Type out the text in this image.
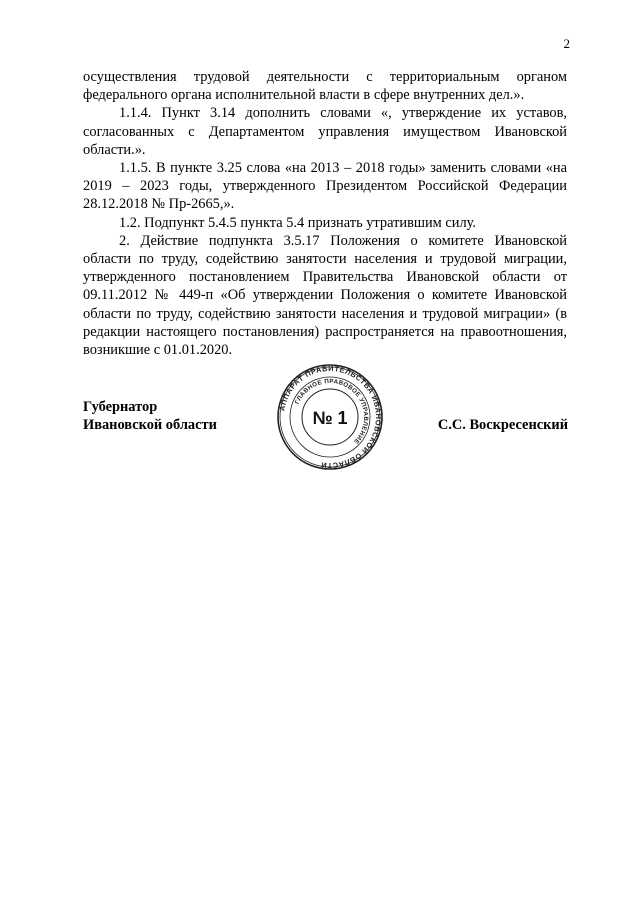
2

осуществления трудовой деятельности с территориальным органом федерального органа исполнительной власти в сфере внутренних дел.».

1.1.4. Пункт 3.14 дополнить словами «, утверждение их уставов, согласованных с Департаментом управления имуществом Ивановской области.».

1.1.5. В пункте 3.25 слова «на 2013 – 2018 годы» заменить словами «на 2019 – 2023 годы, утвержденного Президентом Российской Федерации 28.12.2018 № Пр-2665,».

1.2. Подпункт 5.4.5 пункта 5.4 признать утратившим силу.

2. Действие подпункта 3.5.17 Положения о комитете Ивановской области по труду, содействию занятости населения и трудовой миграции, утвержденного постановлением Правительства Ивановской области от 09.11.2012 № 449-п «Об утверждении Положения о комитете Ивановской области по труду, содействию занятости населения и трудовой миграции» (в редакции настоящего постановления) распространяется на правоотношения, возникшие с 01.01.2020.

Губернатор
Ивановской области
АППАРАТ ПРАВИТЕЛЬСТВА ИВАНОВСКОЙ ОБЛАСТИ
ГЛАВНОЕ ПРАВОВОЕ УПРАВЛЕНИЕ
№ 1	С.С. Воскресенский
